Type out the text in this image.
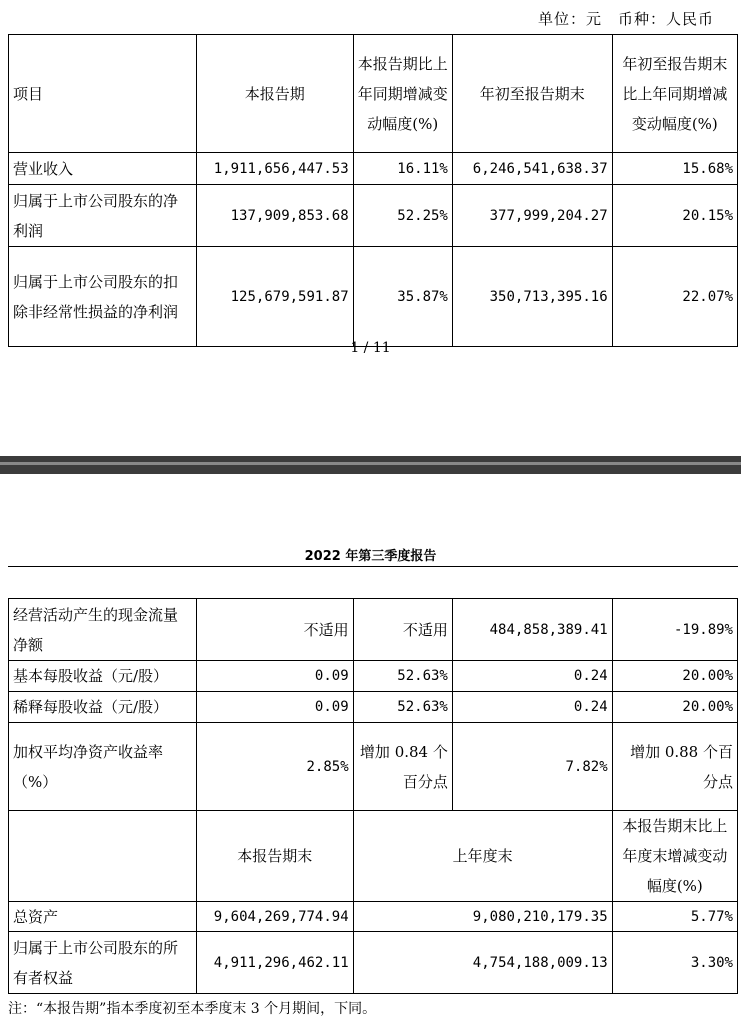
单位：元　币种：人民币
项目	本报告期	本报告期比上年同期增减变动幅度(%)	年初至报告期末	年初至报告期末比上年同期增减变动幅度(%)
营业收入	1,911,656,447.53	16.11%	6,246,541,638.37	15.68%
归属于上市公司股东的净利润	137,909,853.68	52.25%	377,999,204.27	20.15%
归属于上市公司股东的扣除非经常性损益的净利润	125,679,591.87	35.87%	350,713,395.16	22.07%
1 / 11
2022 年第三季度报告
经营活动产生的现金流量净额	不适用	不适用	484,858,389.41	-19.89%
基本每股收益（元/股）	0.09	52.63%	0.24	20.00%
稀释每股收益（元/股）	0.09	52.63%	0.24	20.00%
加权平均净资产收益率（%）	2.85%	增加 0.84 个百分点	7.82%	增加 0.88 个百分点
	本报告期末	上年度末		本报告期末比上年度末增减变动幅度(%)
总资产	9,604,269,774.94	9,080,210,179.35		5.77%
归属于上市公司股东的所有者权益	4,911,296,462.11	4,754,188,009.13		3.30%
注：“本报告期”指本季度初至本季度末 3 个月期间，下同。
